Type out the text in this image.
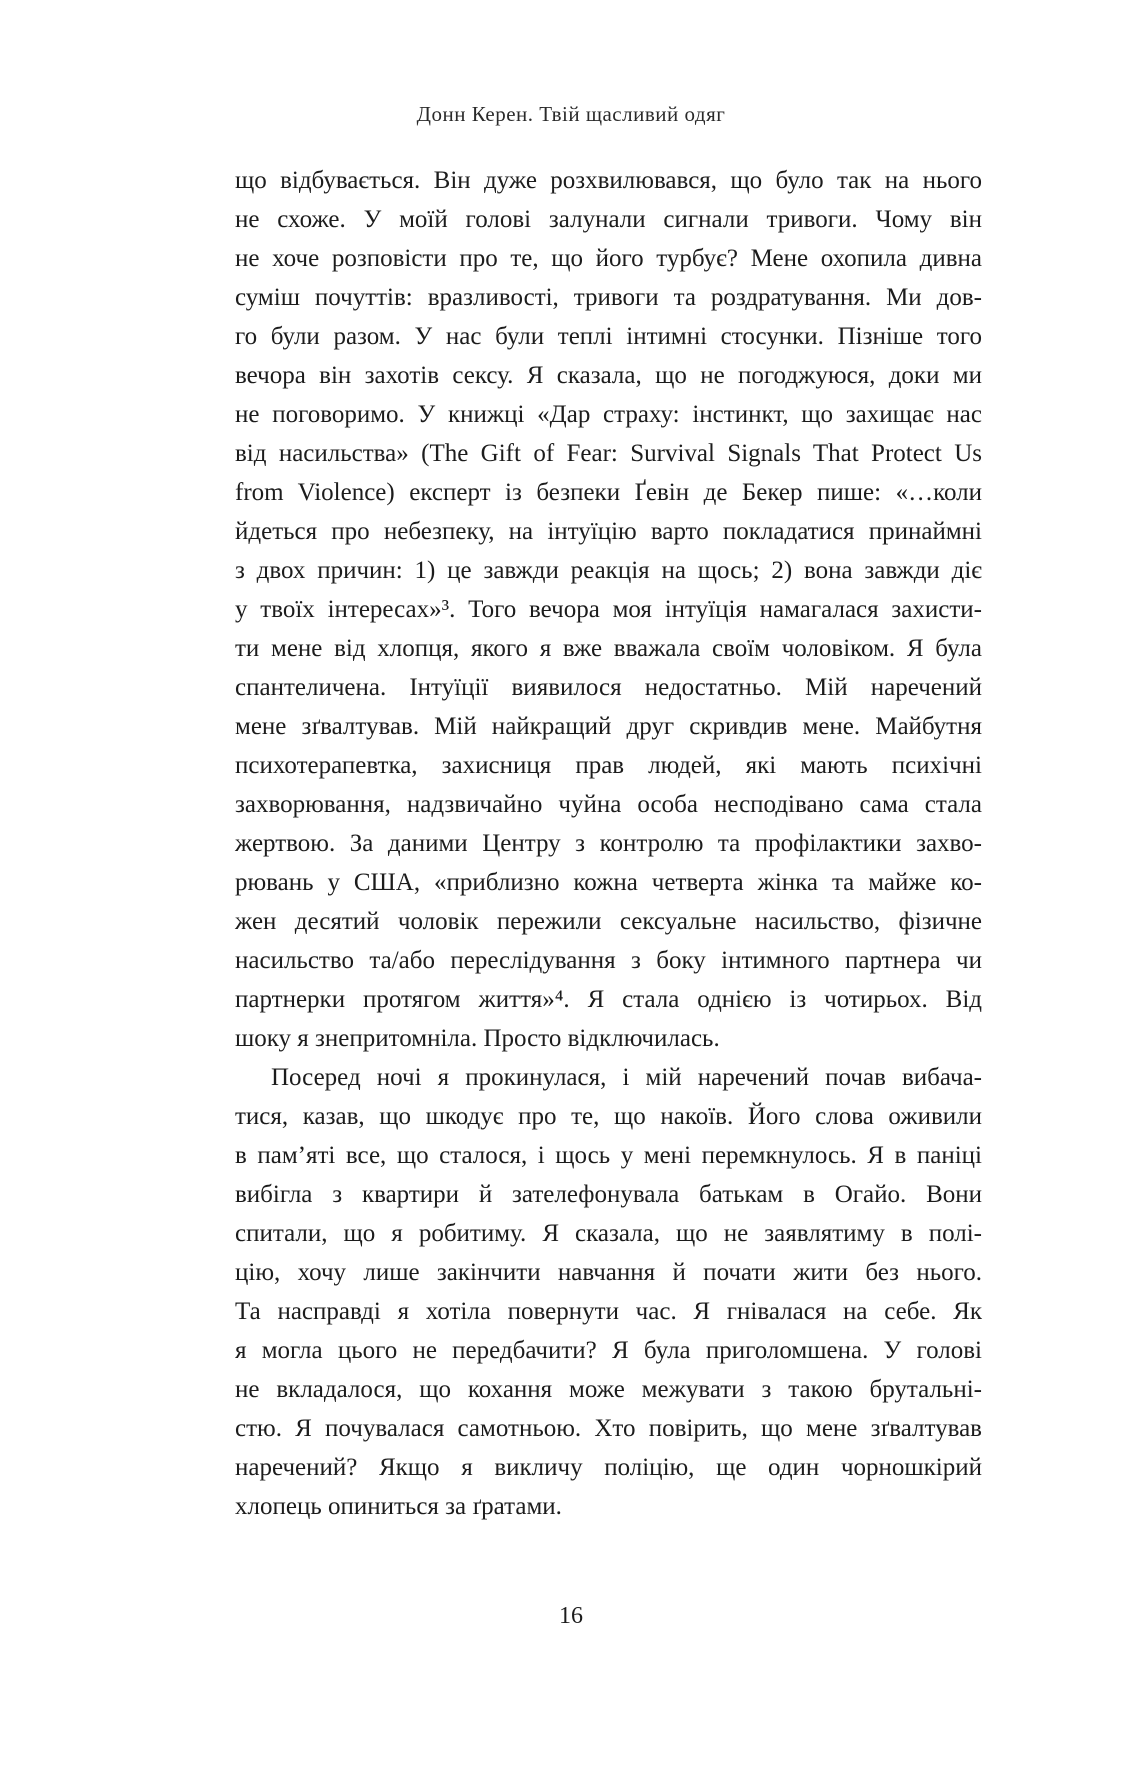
Донн Керен. Твій щасливий одяг

що відбувається. Він дуже розхвилювався, що було так на нього

не схоже. У моїй голові залунали сигнали тривоги. Чому він

не хоче розповісти про те, що його турбує? Мене охопила дивна

суміш почуттів: вразливості, тривоги та роздратування. Ми дов-

го були разом. У нас були теплі інтимні стосунки. Пізніше того

вечора він захотів сексу. Я сказала, що не погоджуюся, доки ми

не поговоримо. У книжці «Дар страху: інстинкт, що захищає нас

від насильства» (The Gift of Fear: Survival Signals That Protect Us

from Violence) експерт із безпеки Ґевін де Бекер пише: «…коли

йдеться про небезпеку, на інтуїцію варто покладатися принаймні

з двох причин: 1) це завжди реакція на щось; 2) вона завжди діє

у твоїх інтересах»³. Того вечора моя інтуїція намагалася захисти-

ти мене від хлопця, якого я вже вважала своїм чоловіком. Я була

спантеличена. Інтуїції виявилося недостатньо. Мій наречений

мене зґвалтував. Мій найкращий друг скривдив мене. Майбутня

психотерапевтка, захисниця прав людей, які мають психічні

захворювання, надзвичайно чуйна особа несподівано сама стала

жертвою. За даними Центру з контролю та профілактики захво-

рювань у США, «приблизно кожна четверта жінка та майже ко-

жен десятий чоловік пережили сексуальне насильство, фізичне

насильство та/або переслідування з боку інтимного партнера чи

партнерки протягом життя»⁴. Я стала однією із чотирьох. Від

шоку я знепритомніла. Просто відключилась.

Посеред ночі я прокинулася, і мій наречений почав вибача-

тися, казав, що шкодує про те, що накоїв. Його слова оживили

в пам’яті все, що сталося, і щось у мені перемкнулось. Я в паніці

вибігла з квартири й зателефонувала батькам в Огайо. Вони

спитали, що я робитиму. Я сказала, що не заявлятиму в полі-

цію, хочу лише закінчити навчання й почати жити без нього.

Та насправді я хотіла повернути час. Я гнівалася на себе. Як

я могла цього не передбачити? Я була приголомшена. У голові

не вкладалося, що кохання може межувати з такою брутальні-

стю. Я почувалася самотньою. Хто повірить, що мене зґвалтував

наречений? Якщо я викличу поліцію, ще один чорношкірий

хлопець опиниться за ґратами.

16
